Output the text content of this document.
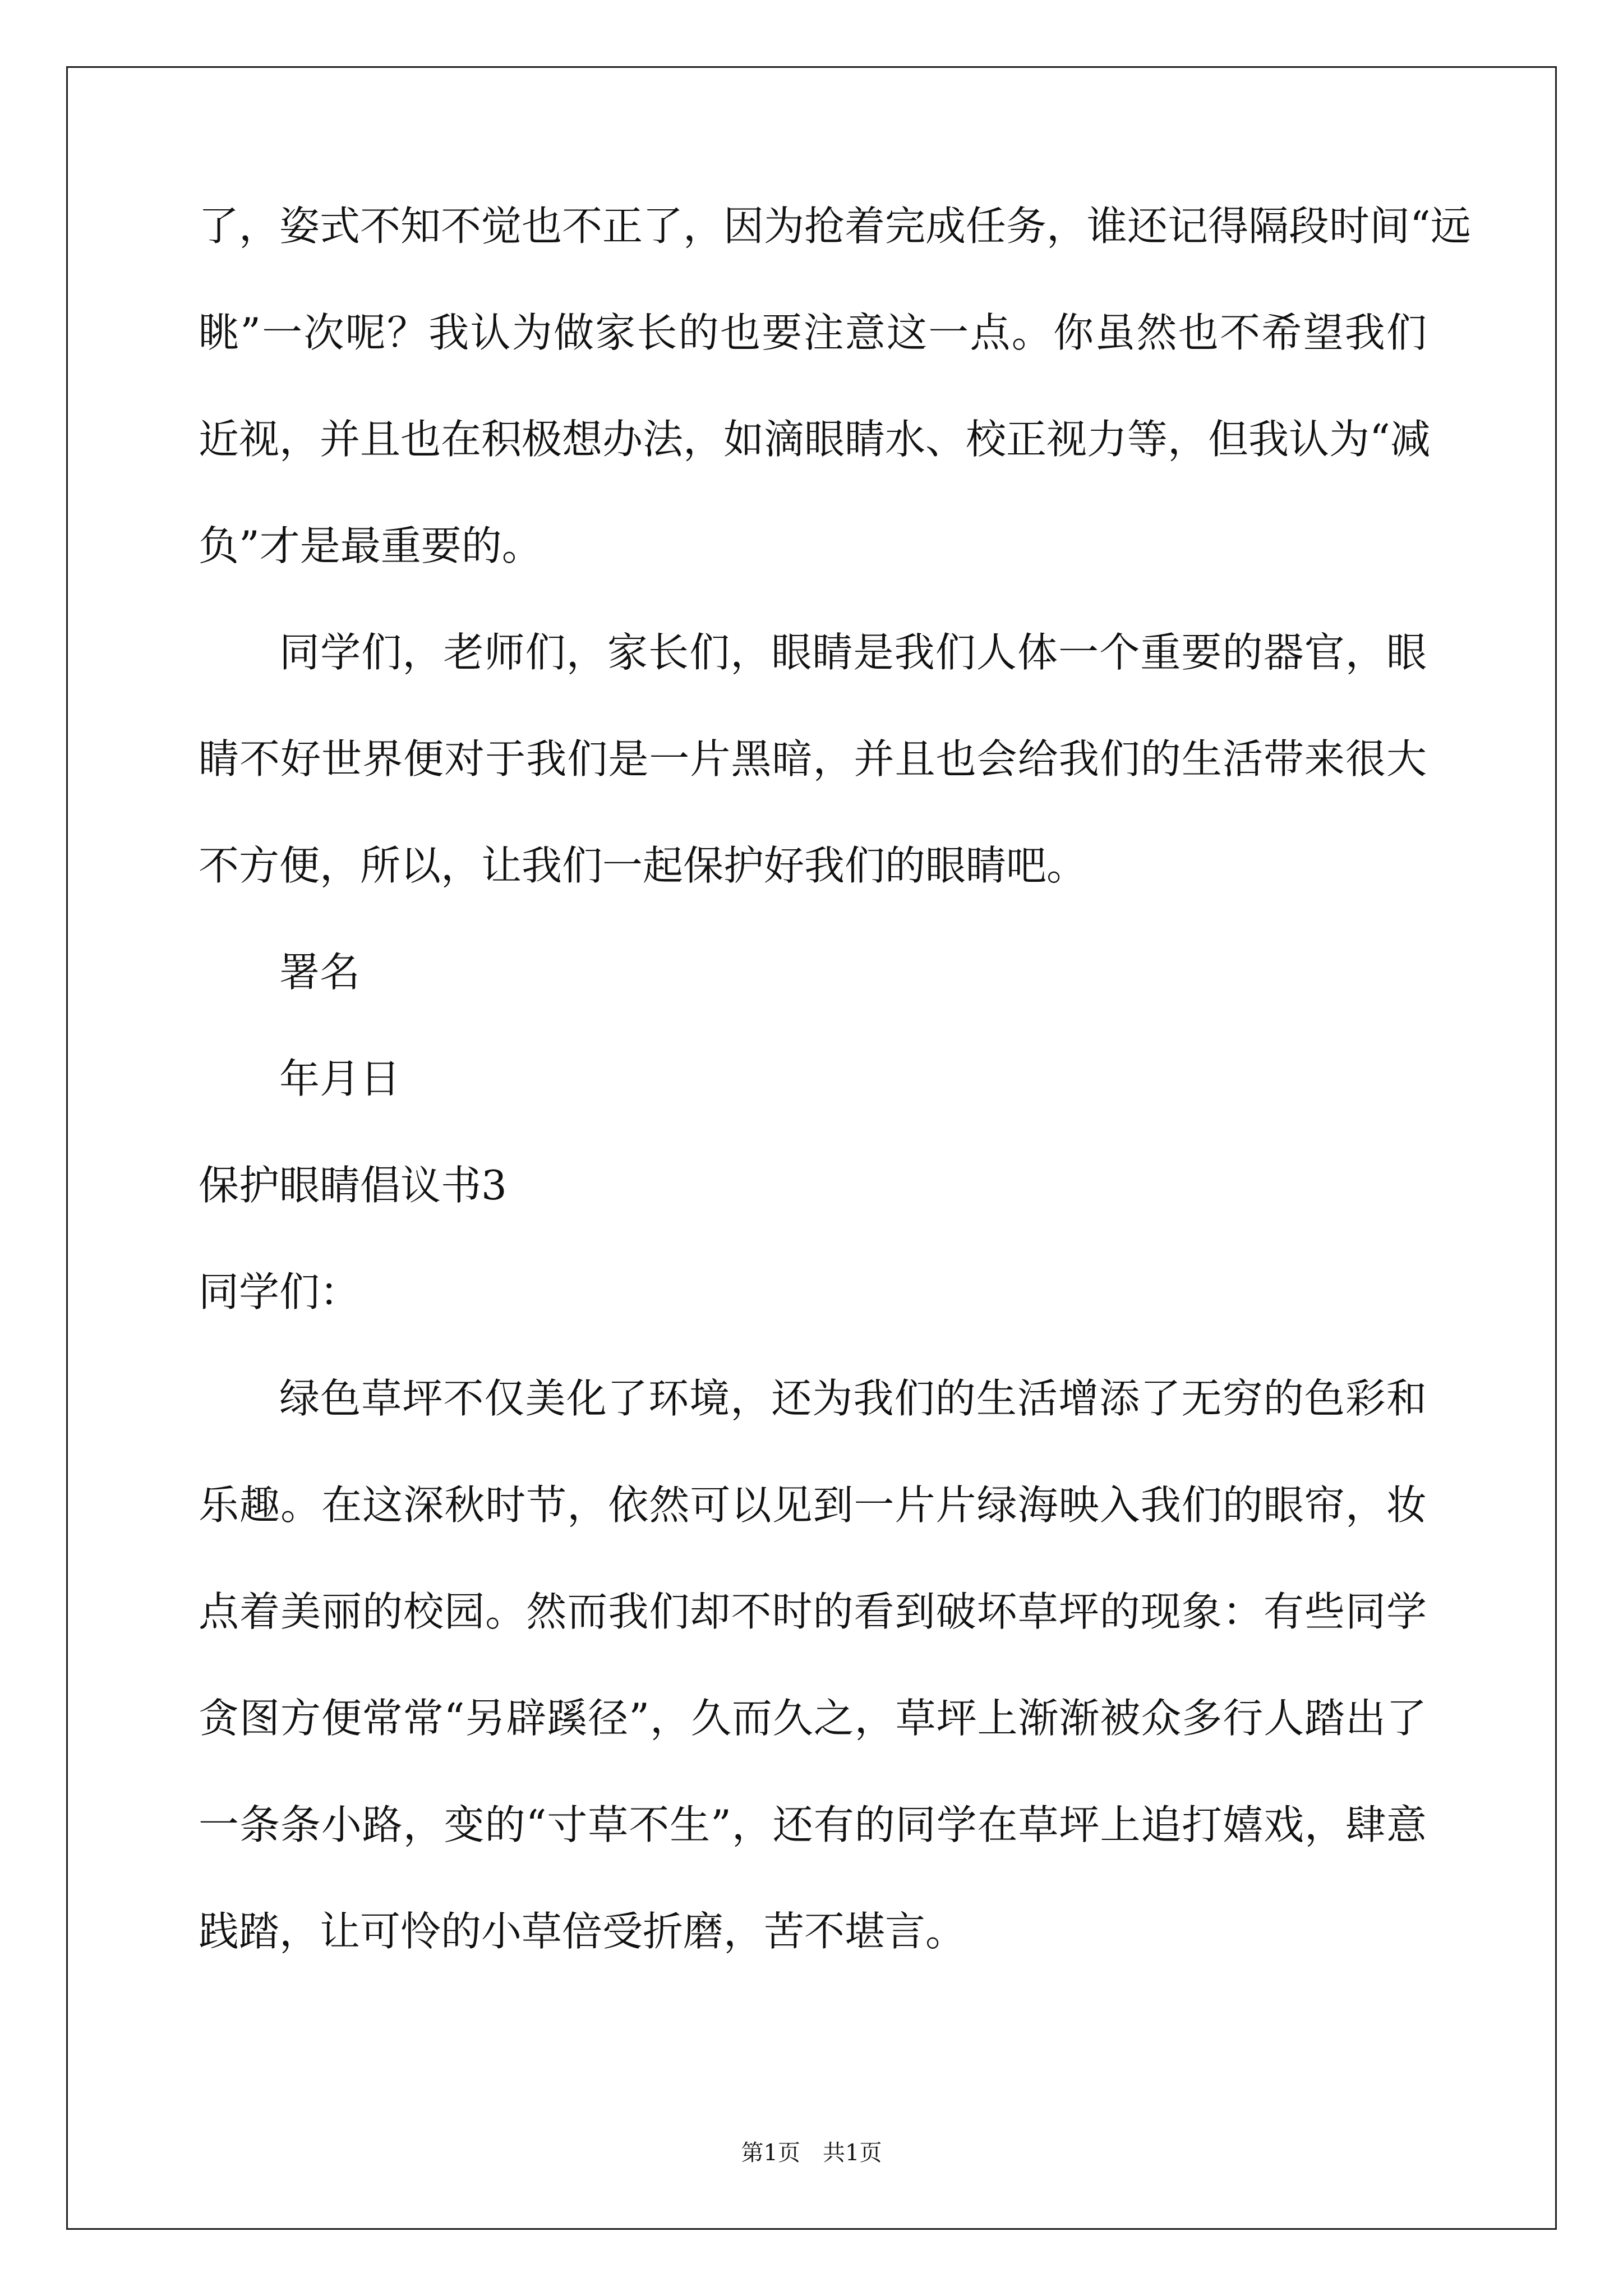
了，姿式不知不觉也不正了，因为抢着完成任务，谁还记得隔段时间“远
眺”一次呢？我认为做家长的也要注意这一点。你虽然也不希望我们
近视，并且也在积极想办法，如滴眼睛水、校正视力等，但我认为“减
负”才是最重要的。
同学们，老师们，家长们，眼睛是我们人体一个重要的器官，眼
睛不好世界便对于我们是一片黑暗，并且也会给我们的生活带来很大
不方便，所以，让我们一起保护好我们的眼睛吧。
署名
年月日
保护眼睛倡议书3
同学们：
绿色草坪不仅美化了环境，还为我们的生活增添了无穷的色彩和
乐趣。在这深秋时节，依然可以见到一片片绿海映入我们的眼帘，妆
点着美丽的校园。然而我们却不时的看到破坏草坪的现象：有些同学
贪图方便常常“另辟蹊径”，久而久之，草坪上渐渐被众多行人踏出了
一条条小路，变的“寸草不生”，还有的同学在草坪上追打嬉戏，肆意
践踏，让可怜的小草倍受折磨，苦不堪言。
第1页　共1页
